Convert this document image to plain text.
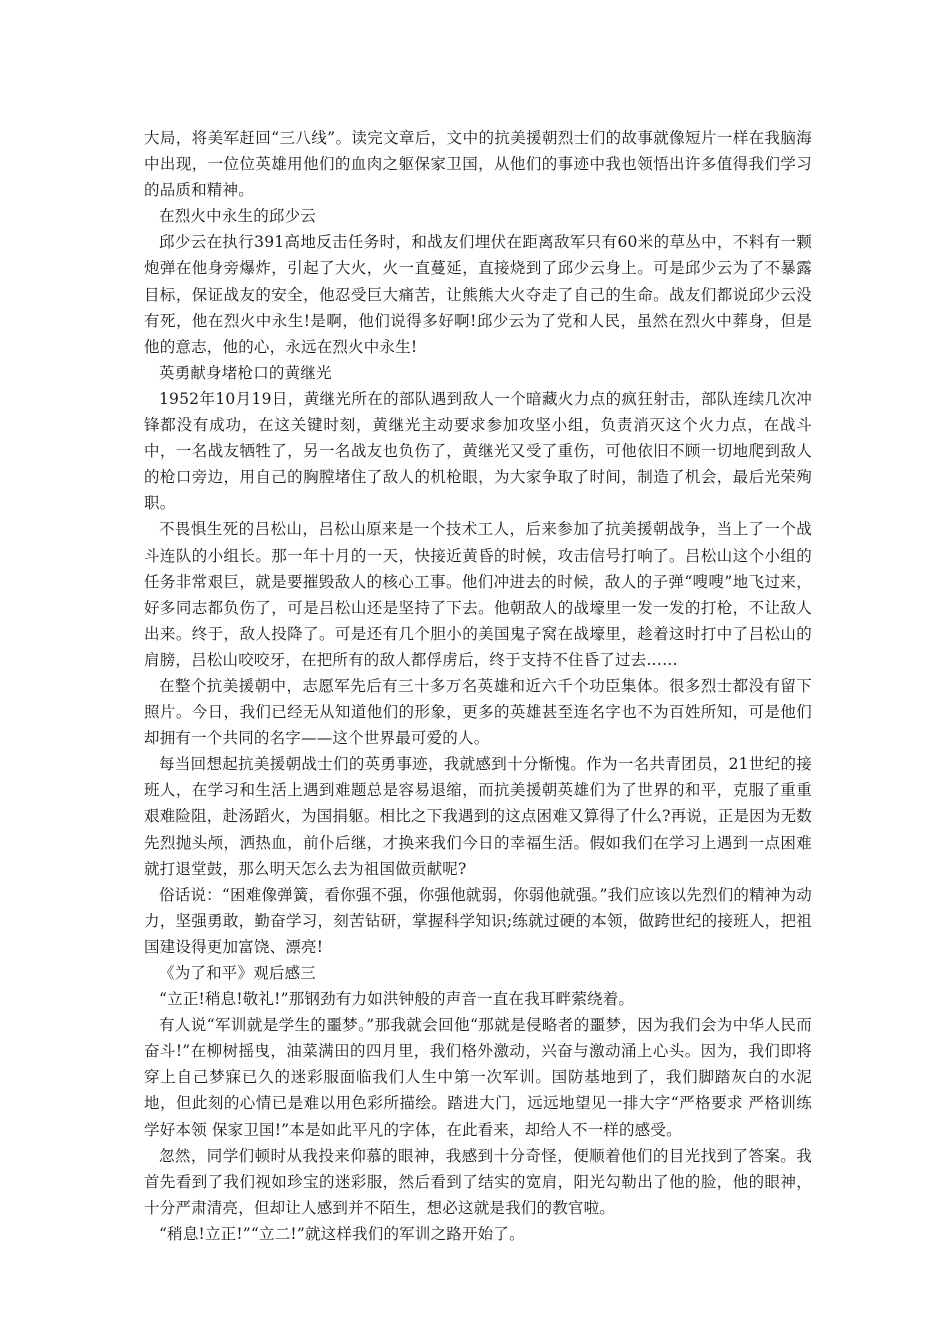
大局，将美军赶回“三八线”。读完文章后，文中的抗美援朝烈士们的故事就像短片一样在我脑海中出现，一位位英雄用他们的血肉之躯保家卫国，从他们的事迹中我也领悟出许多值得我们学习的品质和精神。

在烈火中永生的邱少云

邱少云在执行391高地反击任务时，和战友们埋伏在距离敌军只有60米的草丛中，不料有一颗炮弹在他身旁爆炸，引起了大火，火一直蔓延，直接烧到了邱少云身上。可是邱少云为了不暴露目标，保证战友的安全，他忍受巨大痛苦，让熊熊大火夺走了自己的生命。战友们都说邱少云没有死，他在烈火中永生!是啊，他们说得多好啊!邱少云为了党和人民，虽然在烈火中葬身，但是他的意志，他的心，永远在烈火中永生!

英勇献身堵枪口的黄继光

1952年10月19日，黄继光所在的部队遇到敌人一个暗藏火力点的疯狂射击，部队连续几次冲锋都没有成功，在这关键时刻，黄继光主动要求参加攻坚小组，负责消灭这个火力点，在战斗中，一名战友牺牲了，另一名战友也负伤了，黄继光又受了重伤，可他依旧不顾一切地爬到敌人的枪口旁边，用自己的胸膛堵住了敌人的机枪眼，为大家争取了时间，制造了机会，最后光荣殉职。

不畏惧生死的吕松山，吕松山原来是一个技术工人，后来参加了抗美援朝战争，当上了一个战斗连队的小组长。那一年十月的一天，快接近黄昏的时候，攻击信号打响了。吕松山这个小组的任务非常艰巨，就是要摧毁敌人的核心工事。他们冲进去的时候，敌人的子弹“嗖嗖”地飞过来，好多同志都负伤了，可是吕松山还是坚持了下去。他朝敌人的战壕里一发一发的打枪，不让敌人出来。终于，敌人投降了。可是还有几个胆小的美国鬼子窝在战壕里，趁着这时打中了吕松山的肩膀，吕松山咬咬牙，在把所有的敌人都俘虏后，终于支持不住昏了过去……

在整个抗美援朝中，志愿军先后有三十多万名英雄和近六千个功臣集体。很多烈士都没有留下照片。今日，我们已经无从知道他们的形象，更多的英雄甚至连名字也不为百姓所知，可是他们却拥有一个共同的名字——这个世界最可爱的人。

每当回想起抗美援朝战士们的英勇事迹，我就感到十分惭愧。作为一名共青团员，21世纪的接班人，在学习和生活上遇到难题总是容易退缩，而抗美援朝英雄们为了世界的和平，克服了重重艰难险阻，赴汤蹈火，为国捐躯。相比之下我遇到的这点困难又算得了什么?再说，正是因为无数先烈抛头颅，洒热血，前仆后继，才换来我们今日的幸福生活。假如我们在学习上遇到一点困难就打退堂鼓，那么明天怎么去为祖国做贡献呢?

俗话说：“困难像弹簧，看你强不强，你强他就弱，你弱他就强。”我们应该以先烈们的精神为动力，坚强勇敢，勤奋学习，刻苦钻研，掌握科学知识;练就过硬的本领，做跨世纪的接班人，把祖国建设得更加富饶、漂亮!

《为了和平》观后感三

“立正!稍息!敬礼!”那钢劲有力如洪钟般的声音一直在我耳畔萦绕着。

有人说“军训就是学生的噩梦。”那我就会回他“那就是侵略者的噩梦，因为我们会为中华人民而奋斗!”在柳树摇曳，油菜满田的四月里，我们格外激动，兴奋与激动涌上心头。因为，我们即将穿上自己梦寐已久的迷彩服面临我们人生中第一次军训。国防基地到了，我们脚踏灰白的水泥地，但此刻的心情已是难以用色彩所描绘。踏进大门，远远地望见一排大字“严格要求 严格训练 学好本领 保家卫国!”本是如此平凡的字体，在此看来，却给人不一样的感受。

忽然，同学们顿时从我投来仰慕的眼神，我感到十分奇怪，便顺着他们的目光找到了答案。我首先看到了我们视如珍宝的迷彩服，然后看到了结实的宽肩，阳光勾勒出了他的脸，他的眼神，十分严肃清亮，但却让人感到并不陌生，想必这就是我们的教官啦。

“稍息!立正!”“立二!”就这样我们的军训之路开始了。
